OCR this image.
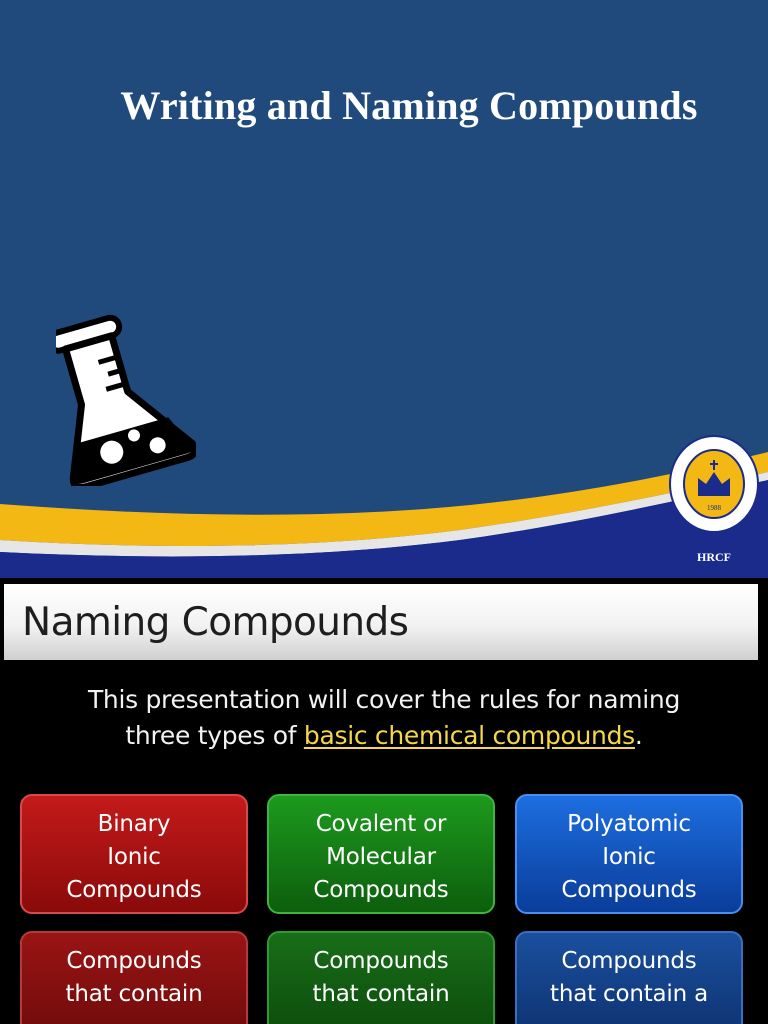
Writing and Naming Compounds
1988
HRCF
Naming Compounds
This presentation will cover the rules for naming
three types of basic chemical compounds.
Binary
Ionic
Compounds
Covalent or
Molecular
Compounds
Polyatomic
Ionic
Compounds
Compounds
that contain
Compounds
that contain
Compounds
that contain a
